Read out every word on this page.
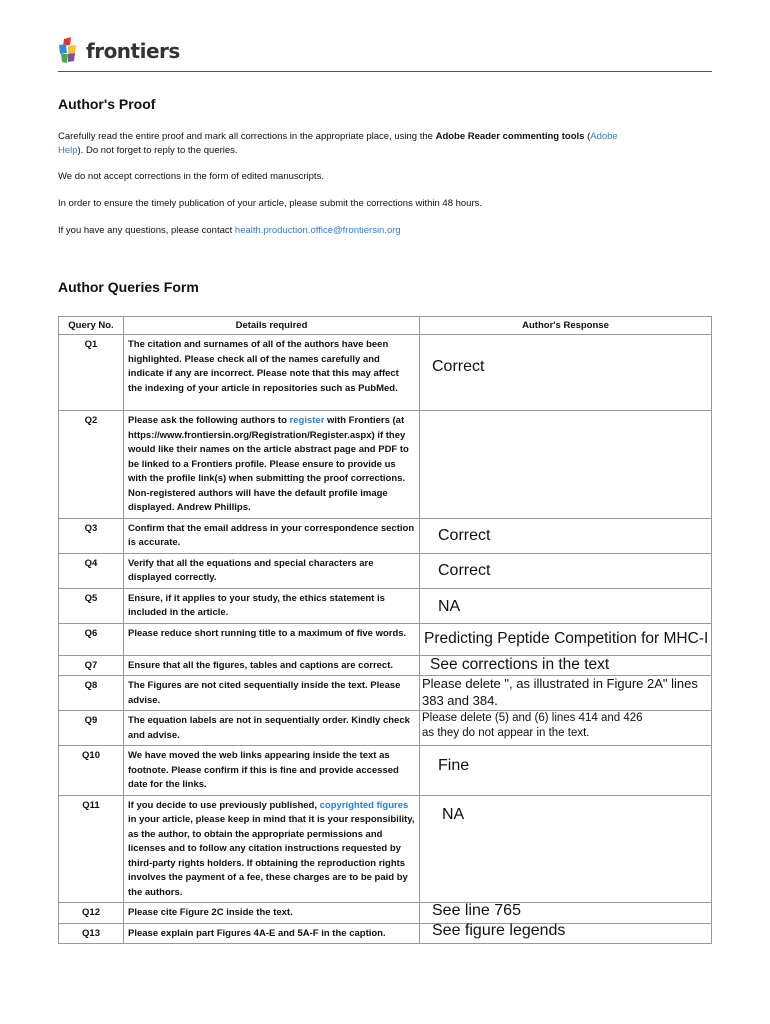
frontiers
Author's Proof

Carefully read the entire proof and mark all corrections in the appropriate place, using the Adobe Reader commenting tools (Adobe
Help). Do not forget to reply to the queries.

We do not accept corrections in the form of edited manuscripts.

In order to ensure the timely publication of your article, please submit the corrections within 48 hours.

If you have any questions, please contact health.production.office@frontiersin.org

Author Queries Form
Query No.	Details required	Author's Response
Q1	The citation and surnames of all of the authors have been highlighted. Please check all of the names carefully and indicate if any are incorrect. Please note that this may affect the indexing of your article in repositories such as PubMed.	Correct

Q2	Please ask the following authors to register with Frontiers (at https://www.frontiersin.org/Registration/Register.aspx) if they would like their names on the article abstract page and PDF to be linked to a Frontiers profile. Please ensure to provide us with the profile link(s) when submitting the proof corrections. Non-registered authors will have the default profile image displayed. Andrew Phillips.	

Q3	Confirm that the email address in your correspondence section is accurate.	Correct

Q4	Verify that all the equations and special characters are displayed correctly.	Correct

Q5	Ensure, if it applies to your study, the ethics statement is included in the article.	NA

Q6	Please reduce short running title to a maximum of five words.	Predicting Peptide Competition for MHC-I

Q7	Ensure that all the figures, tables and captions are correct.	See corrections in the text

Q8	The Figures are not cited sequentially inside the text. Please advise.	Please delete ", as illustrated in Figure 2A" lines
383 and 384.

Q9	The equation labels are not in sequentially order. Kindly check and advise.	Please delete (5) and (6) lines 414 and 426
as they do not appear in the text.

Q10	We have moved the web links appearing inside the text as footnote. Please confirm if this is fine and provide accessed date for the links.	Fine

Q11	If you decide to use previously published, copyrighted figures in your article, please keep in mind that it is your responsibility, as the author, to obtain the appropriate permissions and licenses and to follow any citation instructions requested by third-party rights holders. If obtaining the reproduction rights involves the payment of a fee, these charges are to be paid by the authors.	NA

Q12	Please cite Figure 2C inside the text.	See line 765

Q13	Please explain part Figures 4A-E and 5A-F in the caption.	See figure legends
